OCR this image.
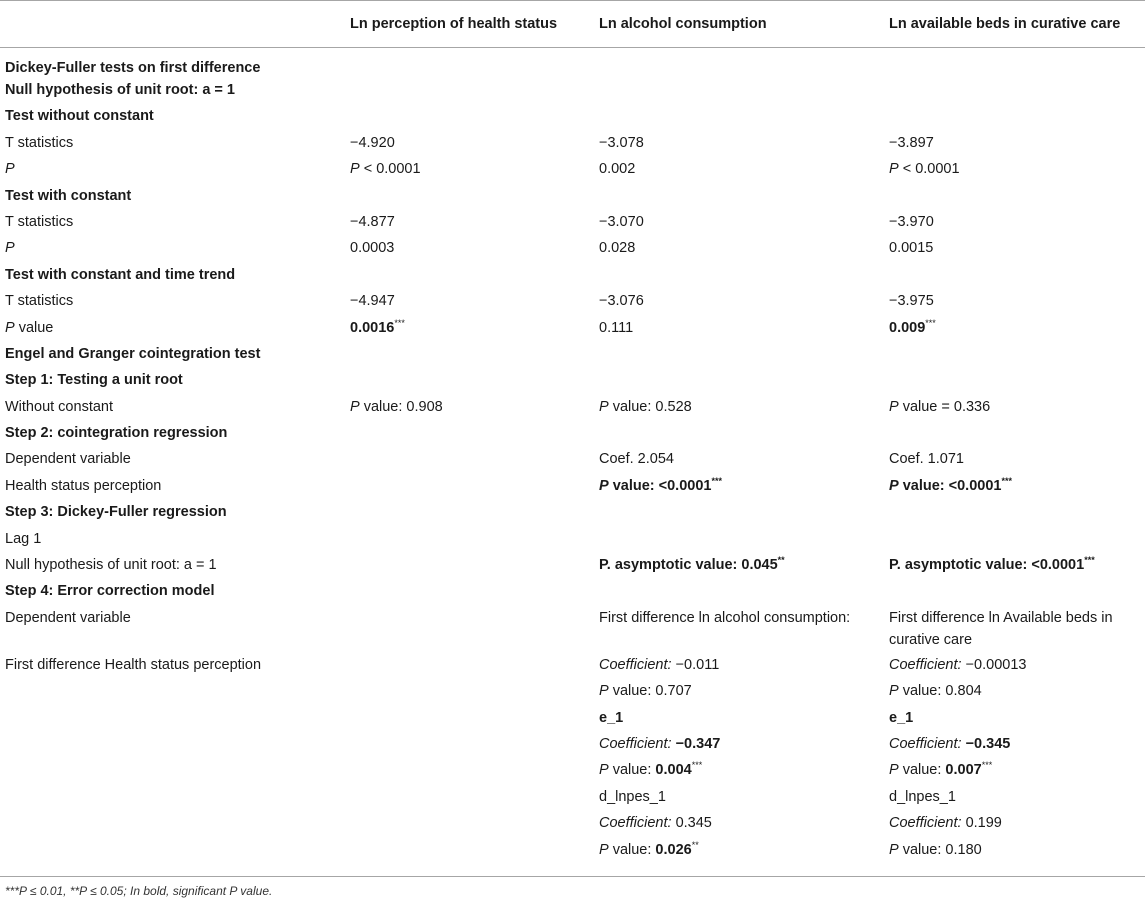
	Ln perception of health status	Ln alcohol consumption	Ln available beds in curative care
Dickey-Fuller tests on first difference			
Null hypothesis of unit root: a = 1			
Test without constant			
T statistics	−4.920	−3.078	−3.897
P	P < 0.0001	0.002	P < 0.0001
Test with constant			
T statistics	−4.877	−3.070	−3.970
P	0.0003	0.028	0.0015
Test with constant and time trend			
T statistics	−4.947	−3.076	−3.975
P value	0.0016***	0.111	0.009***
Engel and Granger cointegration test			
Step 1: Testing a unit root			
Without constant	P value: 0.908	P value: 0.528	P value = 0.336
Step 2: cointegration regression			
Dependent variable		Coef. 2.054	Coef. 1.071
Health status perception		P value: <0.0001***	P value: <0.0001***
Step 3: Dickey-Fuller regression			
Lag 1			
Null hypothesis of unit root: a = 1		P. asymptotic value: 0.045**	P. asymptotic value: <0.0001***
Step 4: Error correction model			
Dependent variable		First difference ln alcohol consumption:	First difference ln Available beds in curative care
First difference Health status perception		Coefficient: −0.011	Coefficient: −0.00013
		P value: 0.707	P value: 0.804
		e_1	e_1
		Coefficient: −0.347	Coefficient: −0.345
		P value: 0.004***	P value: 0.007***
		d_lnpes_1	d_lnpes_1
		Coefficient: 0.345	Coefficient: 0.199
		P value: 0.026**	P value: 0.180
***P ≤ 0.01, **P ≤ 0.05; In bold, significant P value.
